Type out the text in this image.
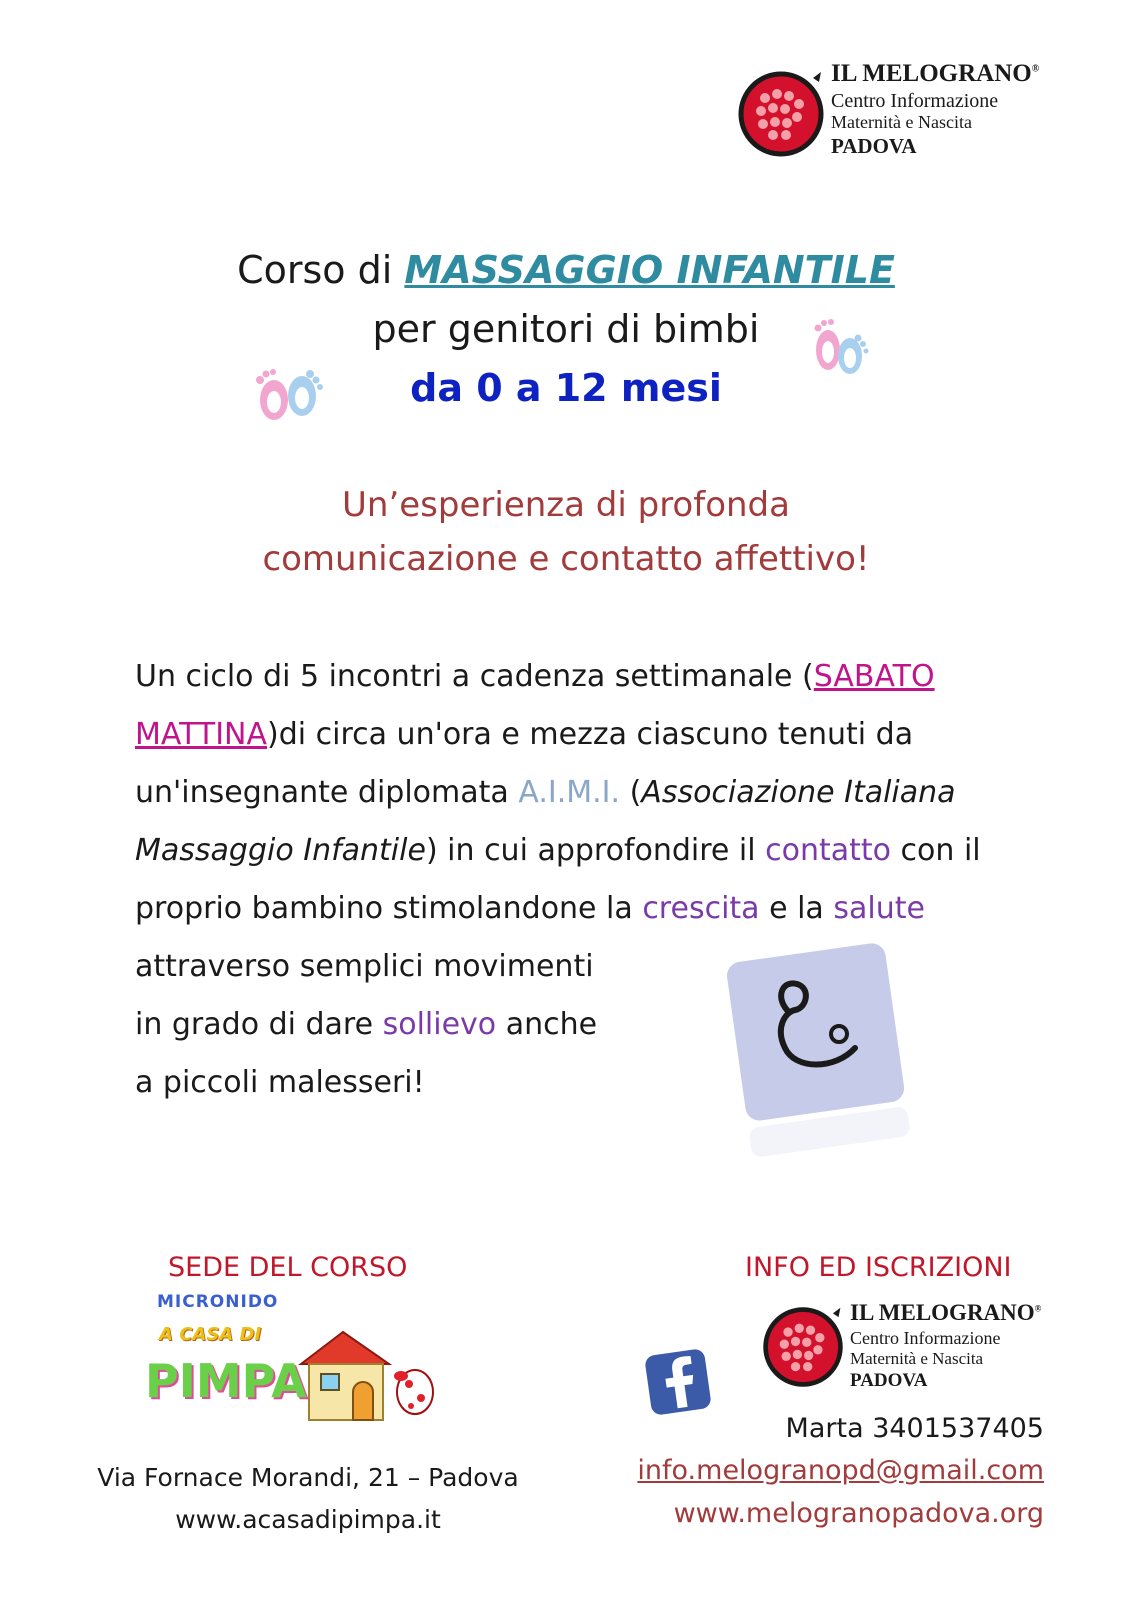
IL MELOGRANO®
Centro Informazione
Maternità e Nascita
PADOVA
Corso di MASSAGGIO INFANTILE
per genitori di bimbi
da 0 a 12 mesi
Un’esperienza di profonda
comunicazione e contatto affettivo!
Un ciclo di 5 incontri a cadenza settimanale (SABATO
MATTINA)di circa un'ora e mezza ciascuno tenuti da un'insegnante diplomata A.I.M.I. (Associazione Italiana Massaggio Infantile) in cui approfondire il contatto con il proprio bambino stimolandone la crescita e la salute
attraverso semplici movimenti
in grado di dare sollievo anche
a piccoli malesseri!
SEDE DEL CORSO
MICRONIDO
A CASA DI
PIMPA
Via Fornace Morandi, 21 – Padova
www.acasadipimpa.it
INFO ED ISCRIZIONI
IL MELOGRANO®
Centro Informazione
Maternità e Nascita
PADOVA
Marta 3401537405
info.melogranopd@gmail.com
www.melogranopadova.org
